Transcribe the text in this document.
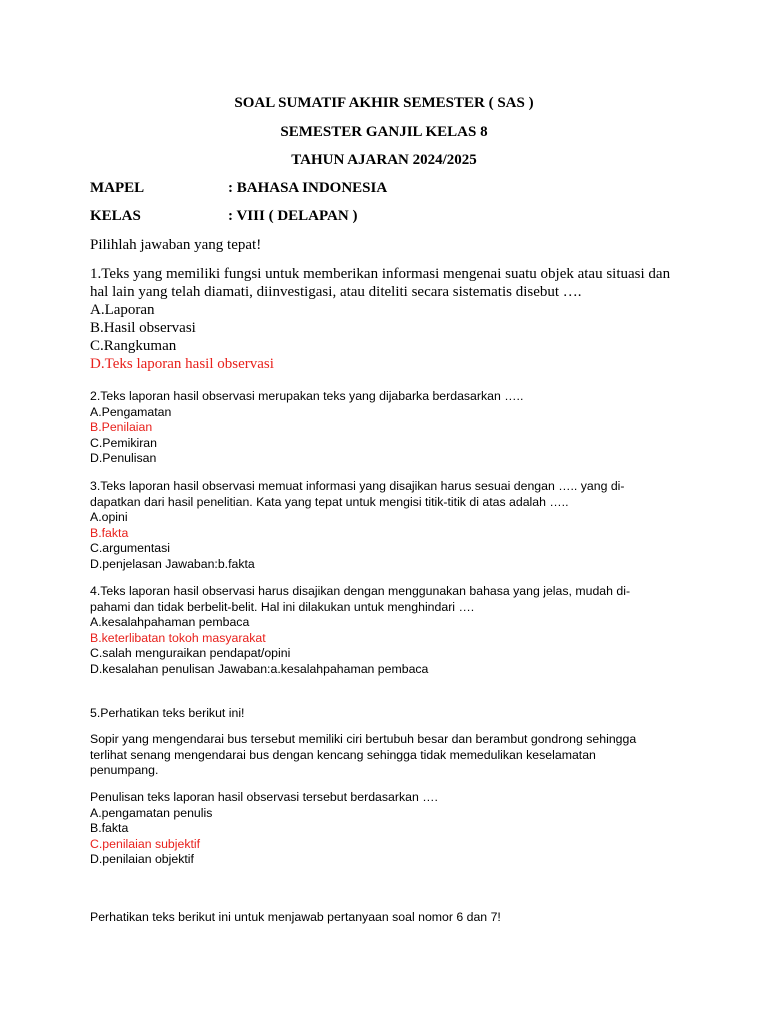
SOAL SUMATIF AKHIR SEMESTER ( SAS )
SEMESTER GANJIL KELAS 8
TAHUN AJARAN 2024/2025
MAPEL	: BAHASA INDONESIA
KELAS	: VIII ( DELAPAN )
Pilihlah jawaban yang tepat!
1.Teks yang memiliki fungsi untuk memberikan informasi mengenai suatu objek atau situasi dan
hal lain yang telah diamati, diinvestigasi, atau diteliti secara sistematis disebut ….
A.Laporan
B.Hasil observasi
C.Rangkuman
D.Teks laporan hasil observasi
2.Teks laporan hasil observasi merupakan teks yang dijabarka berdasarkan …..
A.Pengamatan
B.Penilaian
C.Pemikiran
D.Penulisan
3.Teks laporan hasil observasi memuat informasi yang disajikan harus sesuai dengan ….. yang di-
dapatkan dari hasil penelitian. Kata yang tepat untuk mengisi titik-titik di atas adalah …..
A.opini
B.fakta
C.argumentasi
D.penjelasan Jawaban:b.fakta
4.Teks laporan hasil observasi harus disajikan dengan menggunakan bahasa yang jelas, mudah di-
pahami dan tidak berbelit-belit. Hal ini dilakukan untuk menghindari ….
A.kesalahpahaman pembaca
B.keterlibatan tokoh masyarakat
C.salah menguraikan pendapat/opini
D.kesalahan penulisan Jawaban:a.kesalahpahaman pembaca
5.Perhatikan teks berikut ini!
Sopir yang mengendarai bus tersebut memiliki ciri bertubuh besar dan berambut gondrong sehingga
terlihat senang mengendarai bus dengan kencang sehingga tidak memedulikan keselamatan
penumpang.
Penulisan teks laporan hasil observasi tersebut berdasarkan ….
A.pengamatan penulis
B.fakta
C.penilaian subjektif
D.penilaian objektif
Perhatikan teks berikut ini untuk menjawab pertanyaan soal nomor 6 dan 7!
